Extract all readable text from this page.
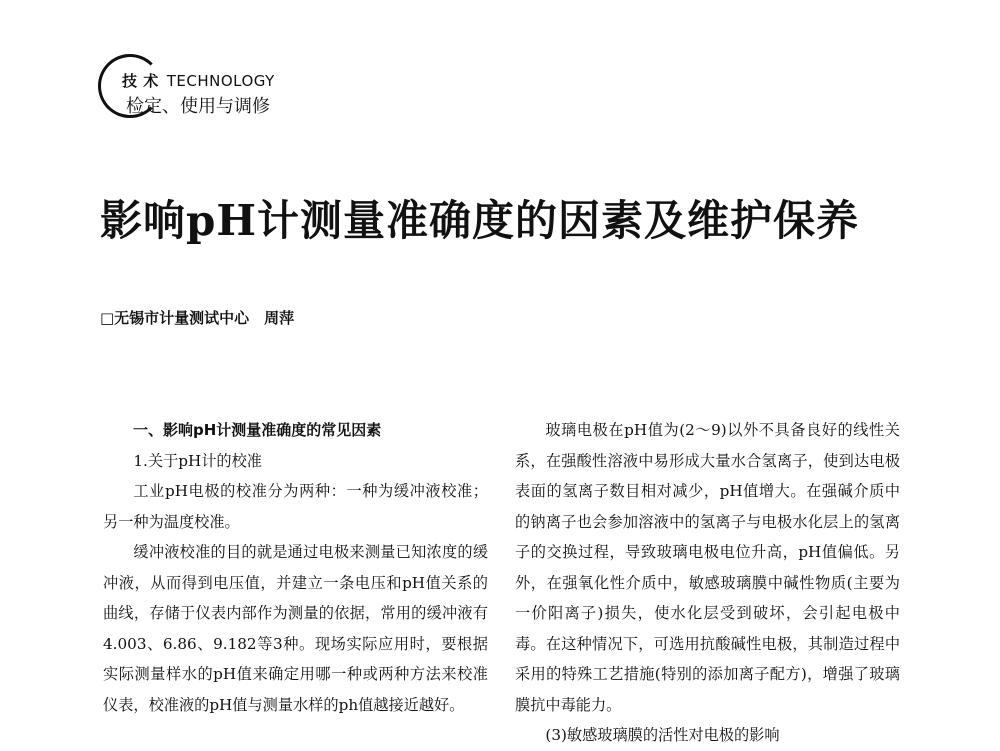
技 术 TECHNOLOGY
检定、使用与调修
影响pH计测量准确度的因素及维护保养
□无锡市计量测试中心　周萍

一、影响pH计测量准确度的常见因素

1.关于pH计的校准

工业pH电极的校准分为两种：一种为缓冲液校准；另一种为温度校准。

缓冲液校准的目的就是通过电极来测量已知浓度的缓冲液，从而得到电压值，并建立一条电压和pH值关系的曲线，存储于仪表内部作为测量的依据，常用的缓冲液有4.003、6.86、9.182等3种。现场实际应用时，要根据实际测量样水的pH值来确定用哪一种或两种方法来校准仪表，校准液的pH值与测量水样的ph值越接近越好。

玻璃电极在pH值为(2～9)以外不具备良好的线性关系，在强酸性溶液中易形成大量水合氢离子，使到达电极表面的氢离子数目相对减少，pH值增大。在强碱介质中的钠离子也会参加溶液中的氢离子与电极水化层上的氢离子的交换过程，导致玻璃电极电位升高，pH值偏低。另外，在强氧化性介质中，敏感玻璃膜中碱性物质(主要为一价阳离子)损失，使水化层受到破坏，会引起电极中毒。在这种情况下，可选用抗酸碱性电极，其制造过程中采用的特殊工艺措施(特别的添加离子配方)，增强了玻璃膜抗中毒能力。

(3)敏感玻璃膜的活性对电极的影响
